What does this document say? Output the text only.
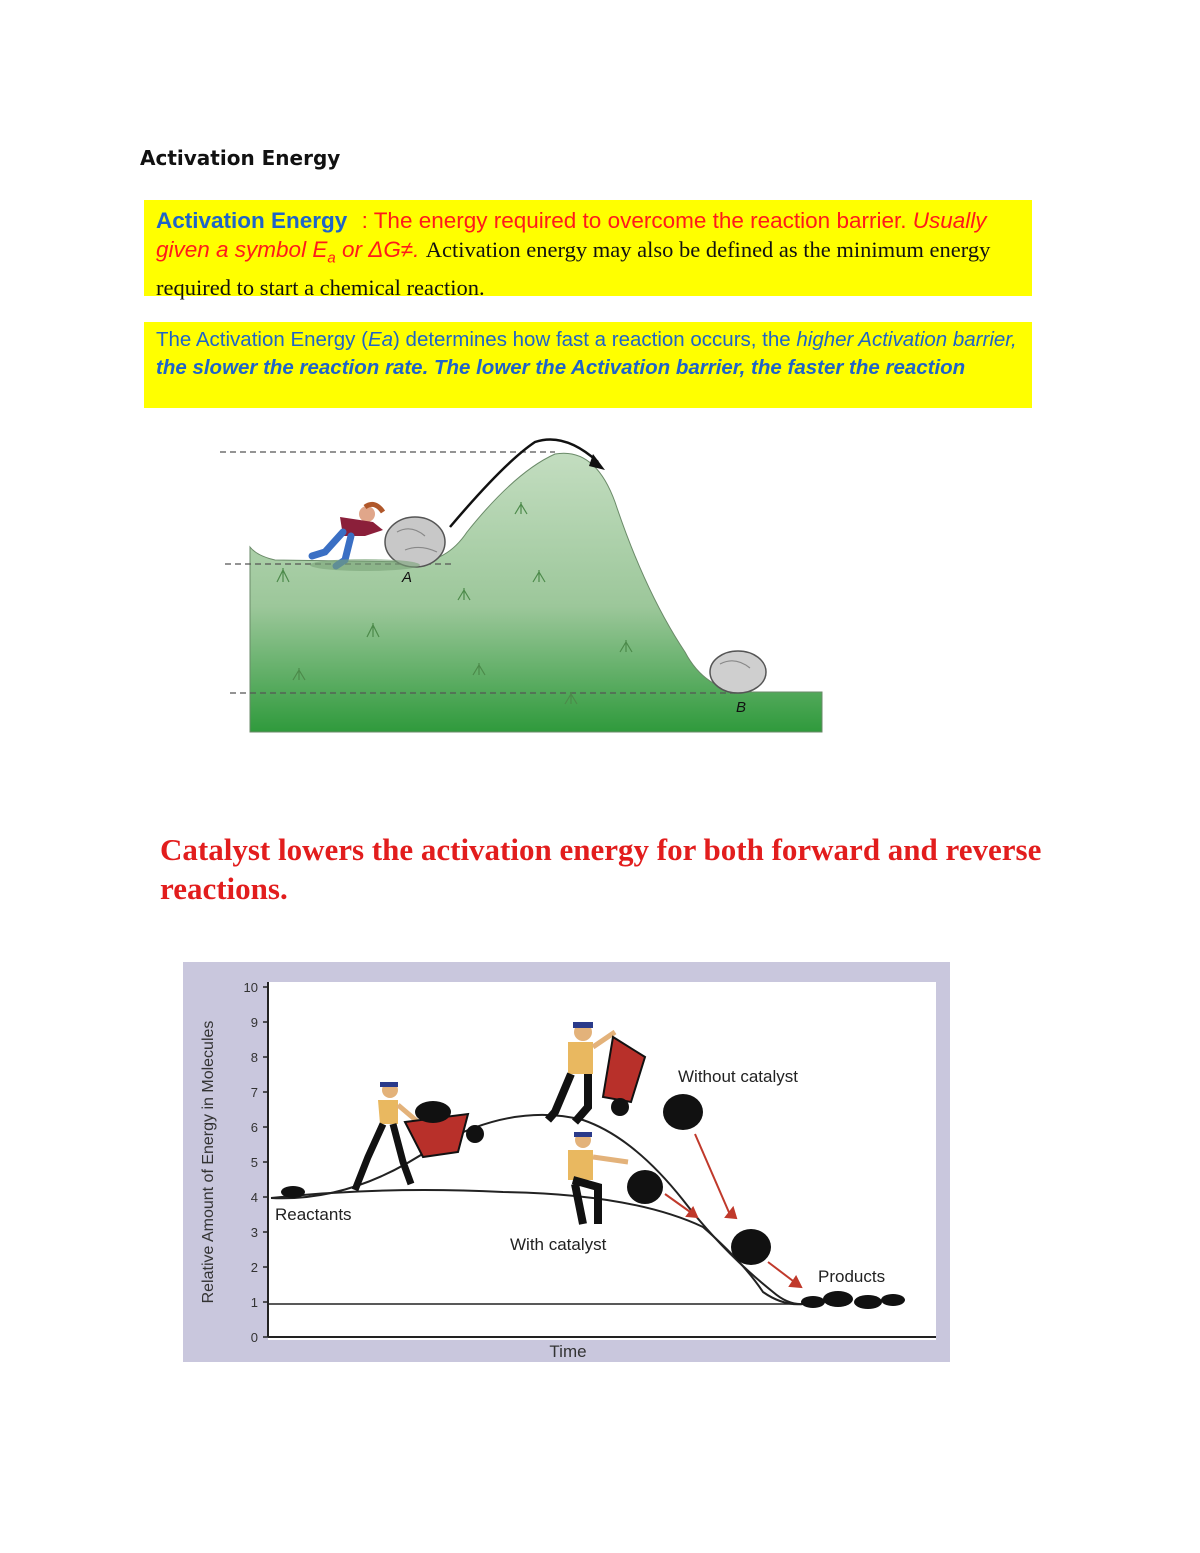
Activation Energy
Activation Energy : The energy required to overcome the reaction barrier. Usually given a symbol $E_a$ or ΔG≠. Activation energy may also be defined as the minimum energy required to start a chemical reaction.
The Activation Energy (Ea) determines how fast a reaction occurs, the higher Activation barrier, the slower the reaction rate. The lower the Activation barrier, the faster the reaction
A
B
Catalyst lowers the activation energy for both forward and reverse reactions.
0
1
2
3
4
5
6
7
8
9
10
Relative Amount of Energy in Molecules
Time
Reactants
With catalyst
Without catalyst
Products
